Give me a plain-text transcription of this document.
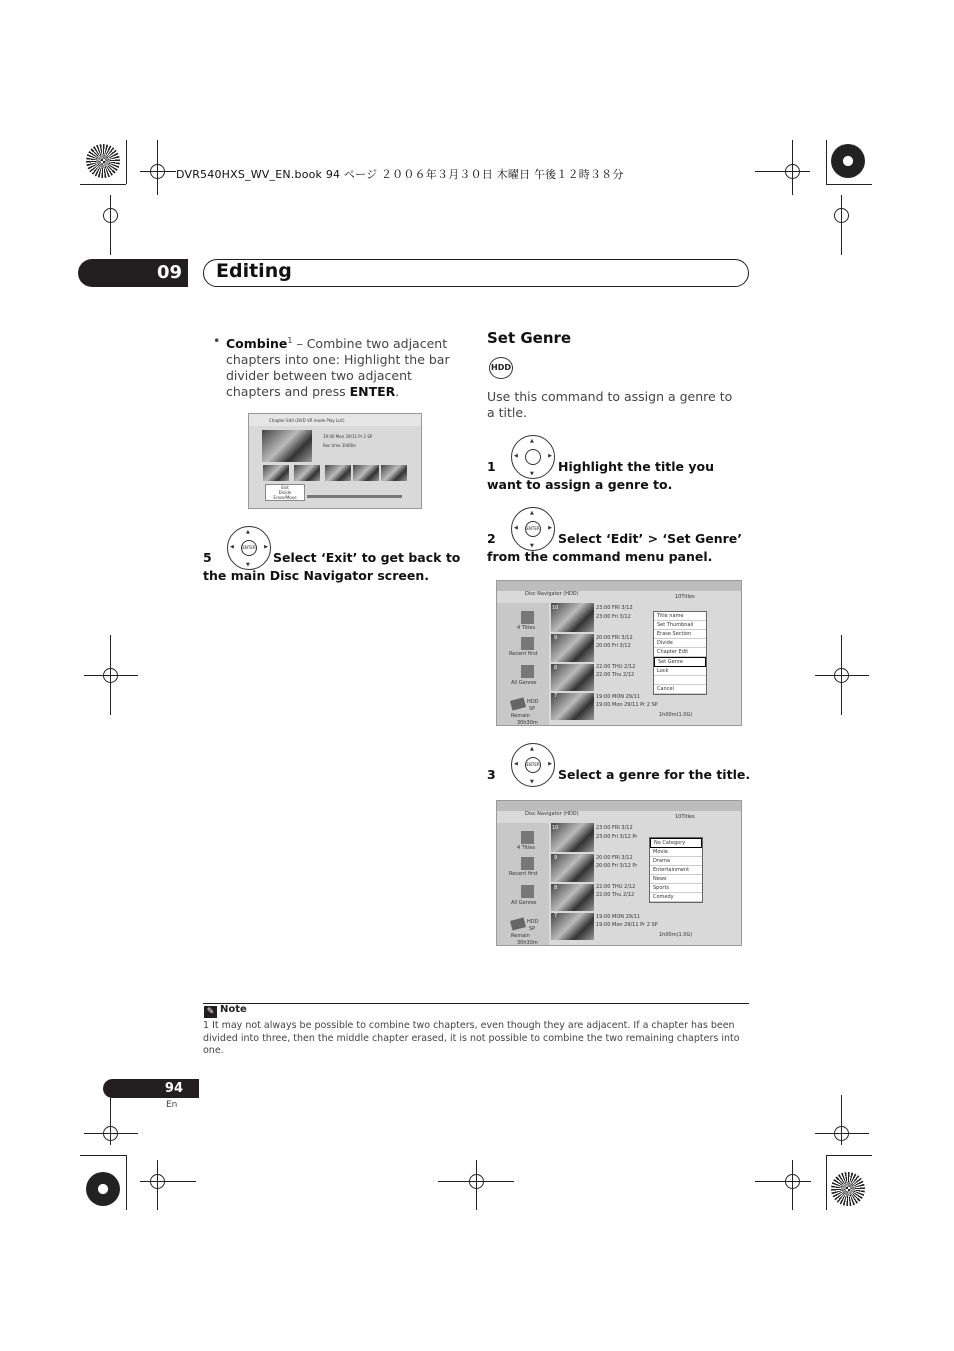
DVR540HXS_WV_EN.book 94 ページ ２００６年３月３０日 木曜日 午後１２時３８分
09	Editing
• Combine$^1$ – Combine two adjacent chapters into one: Highlight the bar divider between two adjacent chapters and press ENTER.
Chapter Edit (DVD VR mode Play List)
19:00 Mon 29/11 Pr 2 SP
Rec time 1h00m
Exit
Divide
Erase/Move
▲
▼
◀	▶
ENTER
5	Select ‘Exit’ to get back to the main Disc Navigator screen.
Set Genre
HDD
Use this command to assign a genre to a title.
▲
▼
◀	▶
1	Highlight the title you want to assign a genre to.
▲
▼
◀	▶
ENTER
2	Select ‘Edit’ > ‘Set Genre’ from the command menu panel.
Disc Navigator (HDD)	10Titles
4 Titles
Recent first
All Genres
HDD
SP
Remain
30h30m
10	23:00 FRI 3/12
23:00 Fri 3/12
9	20:00 FRI 3/12
20:00 Fri 3/12
8	22:00 THU 2/12
22:00 Thu 2/12
7	19:00 MON 29/11
19:00 Mon 29/11 Pr 2 SP
1h00m(1.0G)
Title name
Set Thumbnail
Erase Section
Divide
Chapter Edit
Set Genre
Lock
Cancel
▲
▼
◀	▶
ENTER
3	Select a genre for the title.
Disc Navigator (HDD)	10Titles
4 Titles
Recent first
All Genres
HDD
SP
Remain
30h30m
10	23:00 FRI 3/12
23:00 Fri 3/12 Pr
9	20:00 FRI 3/12
20:00 Fri 3/12 Pr
8	22:00 THU 2/12
22:00 Thu 2/12
7	19:00 MON 29/11
19:00 Mon 29/11 Pr 2 SP
1h00m(1.0G)
No Category
Movie
Drama
Entertainment
News
Sports
Comedy
✎ Note
1 It may not always be possible to combine two chapters, even though they are adjacent. If a chapter has been divided into three, then the middle chapter erased, it is not possible to combine the two remaining chapters into one.
94
En
